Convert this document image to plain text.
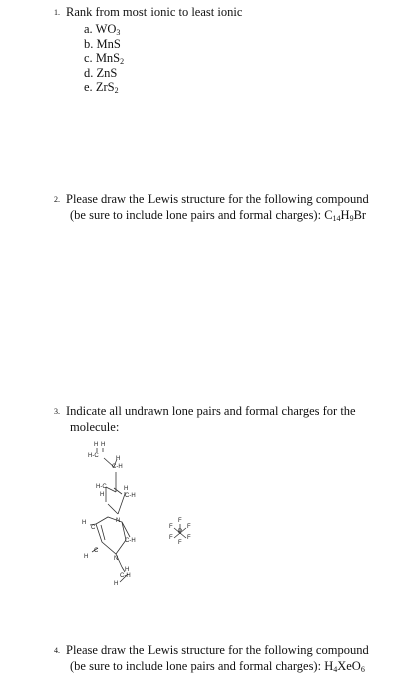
1. Rank from most ionic to least ionic
a. $WO_3$
b. MnS
c. MnS$_2$
d. ZnS
e. ZrS$_2$
2. Please draw the Lewis structure for the following compound
(be sure to include lone pairs and formal charges): $C_{14}H_9Br$
3. Indicate all undrawn lone pairs and formal charges for the
molecule:
H H
H-C	H
C-H
H-C
H
H
C-H
H
C
N
C-H
C
H	N
H
C-H
H
F
F F
P
F F
F
4. Please draw the Lewis structure for the following compound
(be sure to include lone pairs and formal charges): $H_4XeO_6$
